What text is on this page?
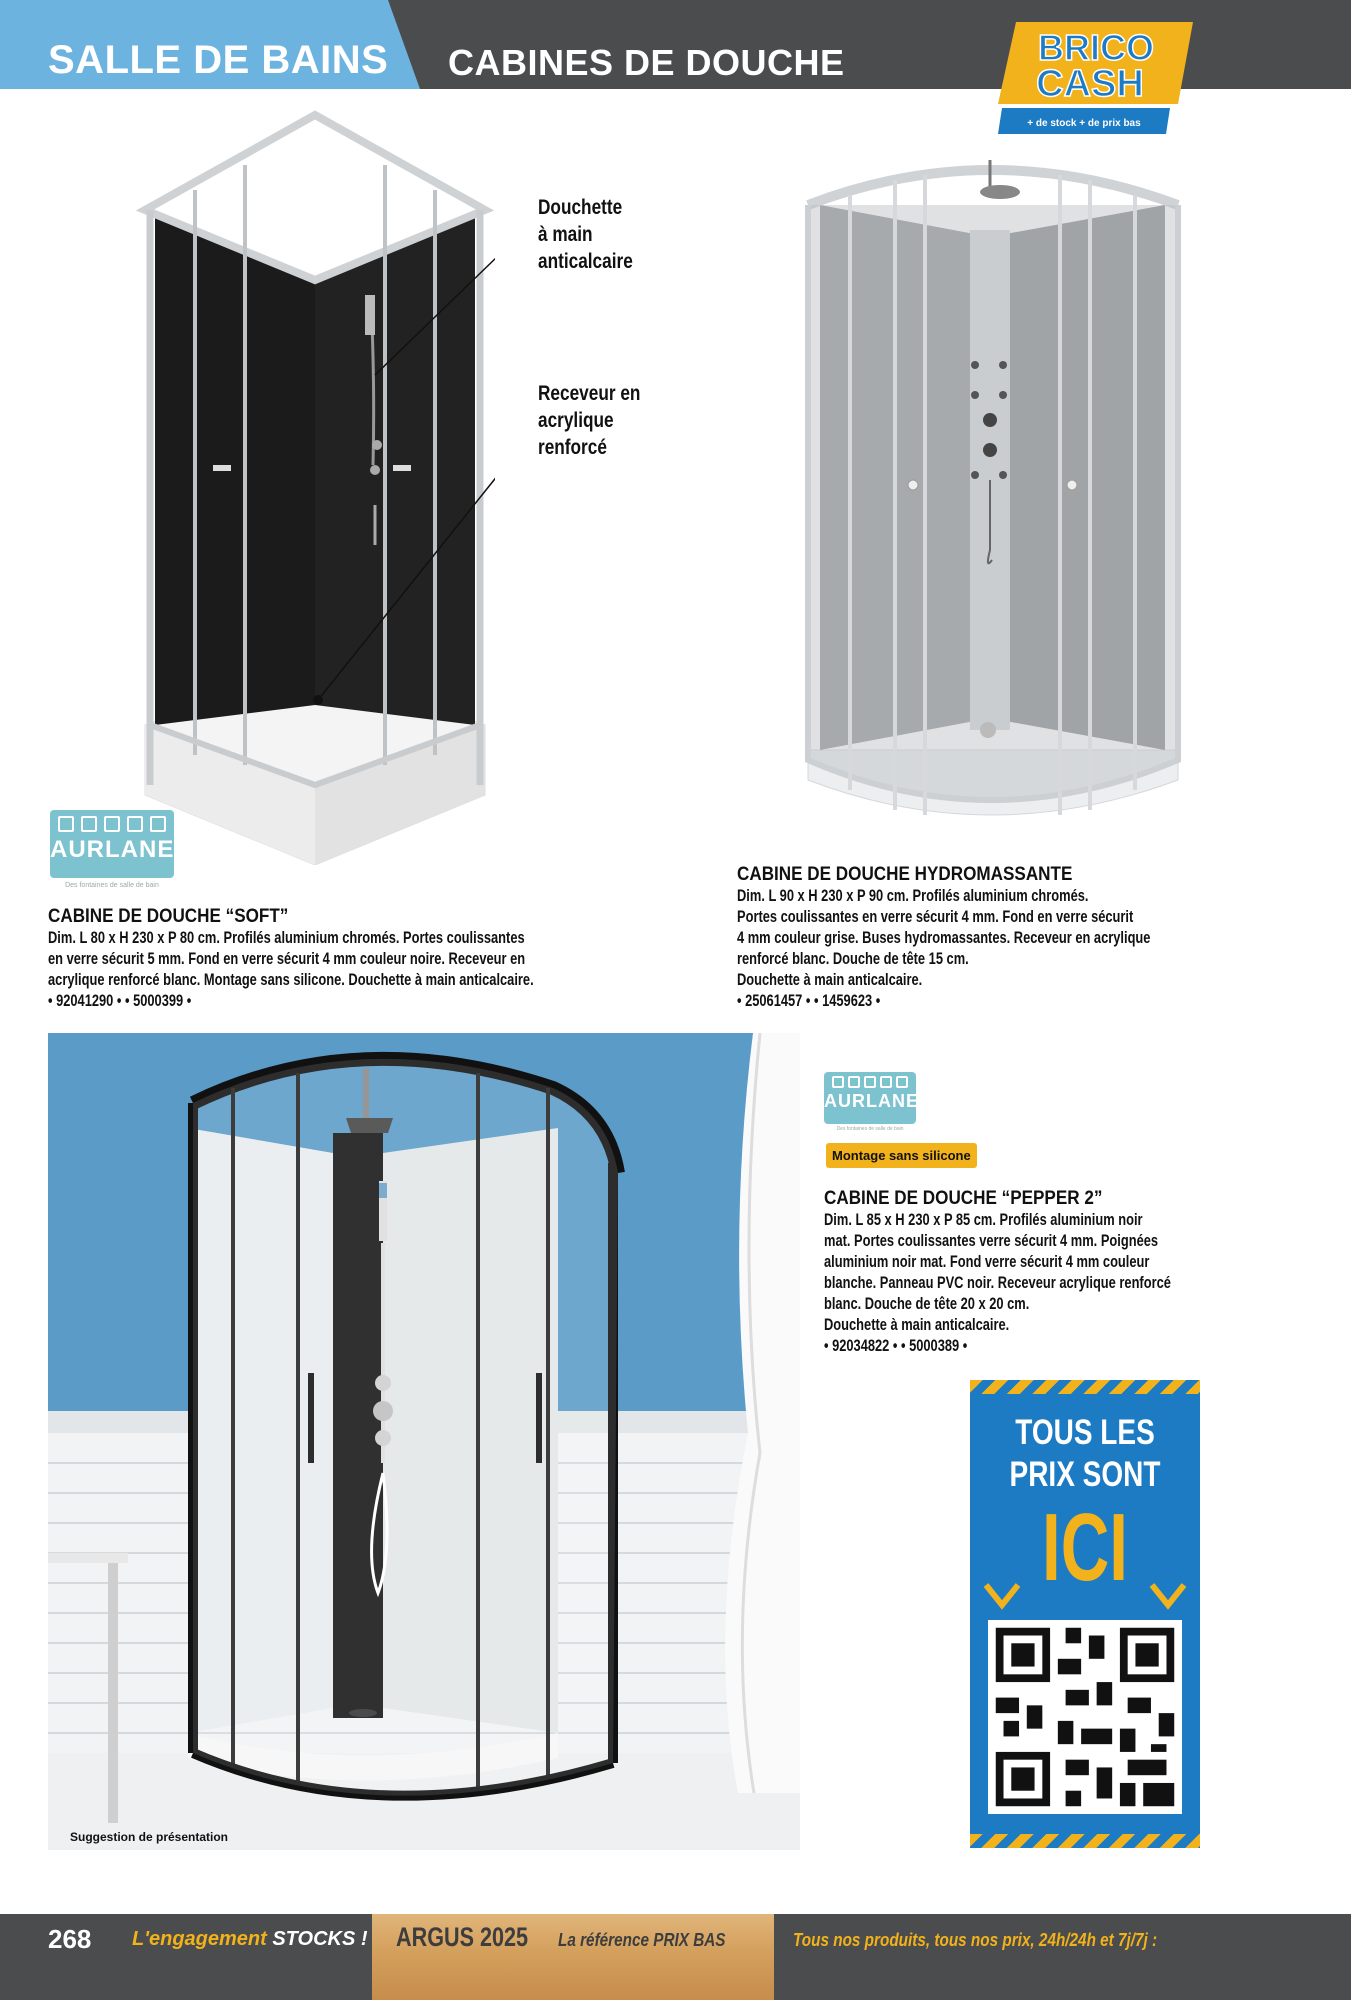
SALLE DE BAINS CABINES DE DOUCHE	BRICO
CASH
+ de stock + de prix bas
Douchette
à main
anticalcaire
Receveur en
acrylique
renforcé
AURLANE
Des fontaines de salle de bain
CABINE DE DOUCHE “SOFT”
Dim. L 80 x H 230 x P 80 cm. Profilés aluminium chromés. Portes coulissantes
en verre sécurit 5 mm. Fond en verre sécurit 4 mm couleur noire. Receveur en
acrylique renforcé blanc. Montage sans silicone. Douchette à main anticalcaire.
• 92041290 • • 5000399 •
CABINE DE DOUCHE HYDROMASSANTE
Dim. L 90 x H 230 x P 90 cm. Profilés aluminium chromés.
Portes coulissantes en verre sécurit 4 mm. Fond en verre sécurit
4 mm couleur grise. Buses hydromassantes. Receveur en acrylique
renforcé blanc. Douche de tête 15 cm.
Douchette à main anticalcaire.
• 25061457 • • 1459623 •
Suggestion de présentation
AURLANE
Des fontaines de salle de bain
Montage sans silicone
CABINE DE DOUCHE “PEPPER 2”
Dim. L 85 x H 230 x P 85 cm. Profilés aluminium noir
mat. Portes coulissantes verre sécurit 4 mm. Poignées
aluminium noir mat. Fond verre sécurit 4 mm couleur
blanche. Panneau PVC noir. Receveur acrylique renforcé
blanc. Douche de tête 20 x 20 cm.
Douchette à main anticalcaire.
• 92034822 • • 5000389 •
TOUS LES
PRIX SONT
ICI
268 L'engagement STOCKS ! ARGUS 2025 La référence PRIX BAS	Tous nos produits, tous nos prix, 24h/24h et 7j/7j :
